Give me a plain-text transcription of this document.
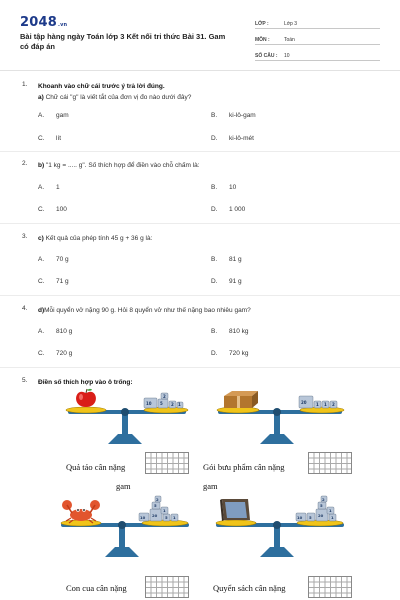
2048.vn
Bài tập hàng ngày Toán lớp 3 Kết nối tri thức Bài 31. Gam có đáp án
LỚP :	Lớp 3
MÔN :	Toán
SỐ CÂU :	10
1. Khoanh vào chữ cái trước ý trả lời đúng.
a) Chữ cái "g" là viết tắt của đơn vị đo nào dưới đây?
A.	gam	B.	ki-lô-gam
C.	lít	D.	ki-lô-mét
2. b) "1 kg = ..... g". Số thích hợp để điền vào chỗ chấm là:
A.	1	B.	10
C.	100	D.	1 000
3. c) Kết quả của phép tính 45 g + 36 g là:
A.	70 g	B.	81 g
C.	71 g	D.	91 g
4. d)Mỗi quyển vở nặng 90 g. Hỏi 8 quyển vở như thế nặng bao nhiêu gam?
A.	810 g	B.	810 kg
C.	720 g	D.	720 kg
5. Điền số thích hợp vào ô trống:
10 5 2 1
2
20 1 1 2
Quả táo cân nặng
gam
Gói bưu phẩm cân nặng
gam
10 20 5 1
5
1
2
10 5 20 1
5
1
2
Con cua cân nặng	Quyển sách cân nặng
